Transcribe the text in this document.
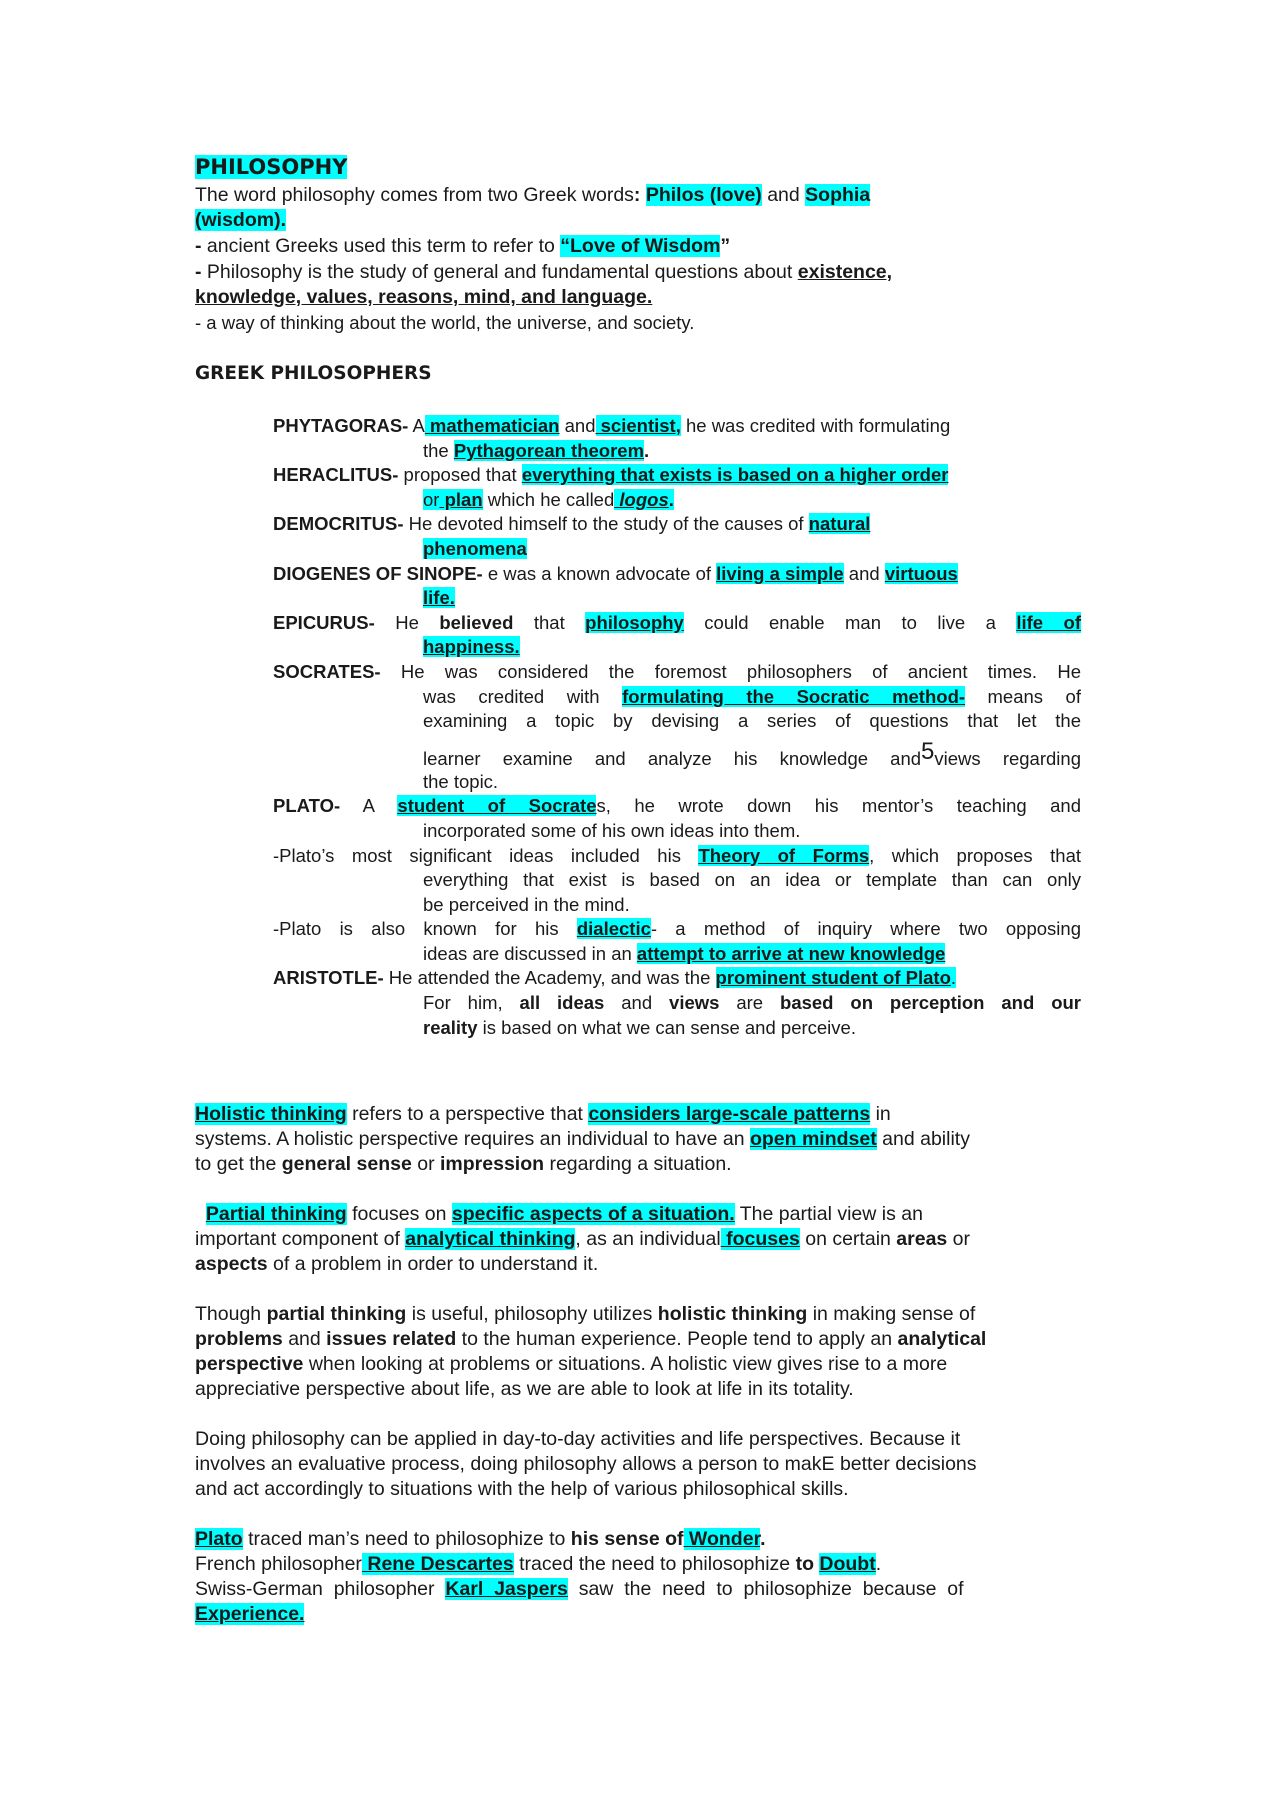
PHILOSOPHY
The word philosophy comes from two Greek words: Philos (love) and Sophia
(wisdom).
- ancient Greeks used this term to refer to “Love of Wisdom”
- Philosophy is the study of general and fundamental questions about existence,
knowledge, values, reasons, mind, and language.
- a way of thinking about the world, the universe, and society.
GREEK PHILOSOPHERS
PHYTAGORAS- A mathematician and scientist, he was credited with formulating
the Pythagorean theorem.
HERACLITUS- proposed that everything that exists is based on a higher order
or plan which he called logos.
DEMOCRITUS- He devoted himself to the study of the causes of natural
phenomena
DIOGENES OF SINOPE- e was a known advocate of living a simple and virtuous
life.
EPICURUS- He believed that philosophy could enable man to live a life of
happiness.
SOCRATES- He was considered the foremost philosophers of ancient times. He
was credited with formulating the Socratic method- means of
examining a topic by devising a series of questions that let the
learner examine and analyze his knowledge and5views regarding
the topic.
PLATO- A student of Socrates, he wrote down his mentor’s teaching and
incorporated some of his own ideas into them.
-Plato’s most significant ideas included his Theory of Forms, which proposes that
everything that exist is based on an idea or template than can only
be perceived in the mind.
-Plato is also known for his dialectic- a method of inquiry where two opposing
ideas are discussed in an attempt to arrive at new knowledge
ARISTOTLE- He attended the Academy, and was the prominent student of Plato.
For him, all ideas and views are based on perception and our
reality is based on what we can sense and perceive.
Holistic thinking refers to a perspective that considers large-scale patterns in
systems. A holistic perspective requires an individual to have an open mindset and ability
to get the general sense or impression regarding a situation.
Partial thinking focuses on specific aspects of a situation. The partial view is an
important component of analytical thinking, as an individual focuses on certain areas or
aspects of a problem in order to understand it.
Though partial thinking is useful, philosophy utilizes holistic thinking in making sense of
problems and issues related to the human experience. People tend to apply an analytical
perspective when looking at problems or situations. A holistic view gives rise to a more
appreciative perspective about life, as we are able to look at life in its totality.
Doing philosophy can be applied in day-to-day activities and life perspectives. Because it
involves an evaluative process, doing philosophy allows a person to makE better decisions
and act accordingly to situations with the help of various philosophical skills.
Plato traced man’s need to philosophize to his sense of Wonder.
French philosopher Rene Descartes traced the need to philosophize to Doubt.
Swiss-German  philosopher  Karl  Jaspers  saw  the  need  to  philosophize  because  of
Experience.
